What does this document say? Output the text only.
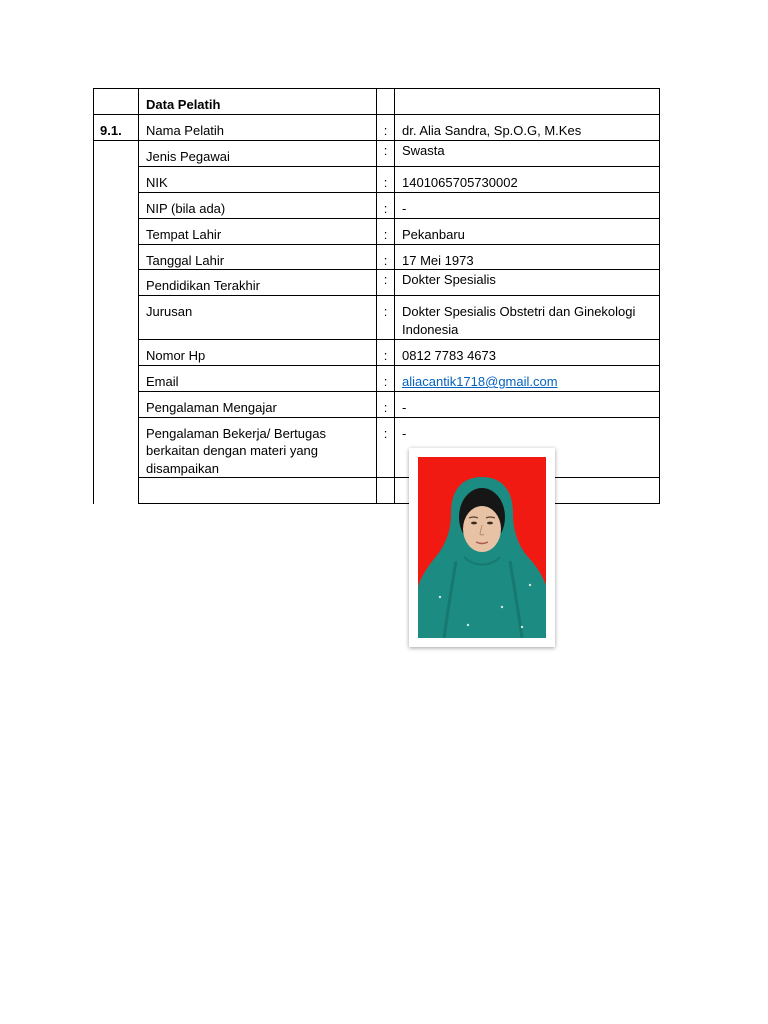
	Data Pelatih		
9.1.	Nama Pelatih	:	dr. Alia Sandra, Sp.O.G, M.Kes
	Jenis Pegawai	:	Swasta
	NIK	:	1401065705730002
	NIP (bila ada)	:	-
	Tempat Lahir	:	Pekanbaru
	Tanggal Lahir	:	17 Mei 1973
	Pendidikan Terakhir	:	Dokter Spesialis
	Jurusan	:	Dokter Spesialis Obstetri dan Ginekologi Indonesia
	Nomor Hp	:	0812 7783 4673
	Email	:	aliacantik1718@gmail.com
	Pengalaman Mengajar	:	-
	Pengalaman Bekerja/ Bertugas berkaitan dengan materi yang disampaikan	:	-
